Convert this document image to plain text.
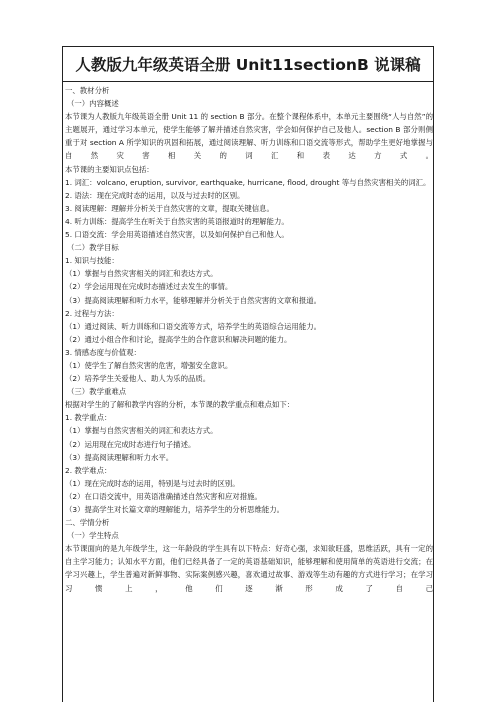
人教版九年级英语全册 Unit11sectionB 说课稿
一、教材分析
（一）内容概述
本节课为人教版九年级英语全册 Unit 11 的 section B 部分。在整个课程体系中，本单元主要围绕“人与自然”的主题展开，通过学习本单元，使学生能够了解并描述自然灾害，学会如何保护自己及他人。section B 部分则侧重于对 section A 所学知识的巩固和拓展，通过阅读理解、听力训练和口语交流等形式，帮助学生更好地掌握与自然灾害相关的词汇和表达方式。
本节课的主要知识点包括：
1. 词汇：volcano, eruption, survivor, earthquake, hurricane, flood, drought 等与自然灾害相关的词汇。
2. 语法：现在完成时态的运用，以及与过去时的区别。
3. 阅读理解：理解并分析关于自然灾害的文章，提取关键信息。
4. 听力训练：提高学生在听关于自然灾害的英语报道时的理解能力。
5. 口语交流：学会用英语描述自然灾害，以及如何保护自己和他人。
（二）教学目标
1. 知识与技能：
（1）掌握与自然灾害相关的词汇和表达方式。
（2）学会运用现在完成时态描述过去发生的事情。
（3）提高阅读理解和听力水平，能够理解并分析关于自然灾害的文章和报道。
2. 过程与方法：
（1）通过阅读、听力训练和口语交流等方式，培养学生的英语综合运用能力。
（2）通过小组合作和讨论，提高学生的合作意识和解决问题的能力。
3. 情感态度与价值观：
（1）使学生了解自然灾害的危害，增强安全意识。
（2）培养学生关爱他人、助人为乐的品质。
（三）教学重难点
根据对学生的了解和教学内容的分析，本节课的教学重点和难点如下：
1. 教学重点：
（1）掌握与自然灾害相关的词汇和表达方式。
（2）运用现在完成时态进行句子描述。
（3）提高阅读理解和听力水平。
2. 教学难点：
（1）现在完成时态的运用，特别是与过去时的区别。
（2）在口语交流中，用英语准确描述自然灾害和应对措施。
（3）提高学生对长篇文章的理解能力，培养学生的分析思维能力。
二、学情分析
（一）学生特点
本节课面向的是九年级学生，这一年龄段的学生具有以下特点：好奇心强，求知欲旺盛，思维活跃，具有一定的自主学习能力；认知水平方面，他们已经具备了一定的英语基础知识，能够理解和使用简单的英语进行交流；在学习兴趣上，学生普遍对新鲜事物、实际案例感兴趣，喜欢通过故事、游戏等生动有趣的方式进行学习；在学习习惯上，他们逐渐形成了自己
